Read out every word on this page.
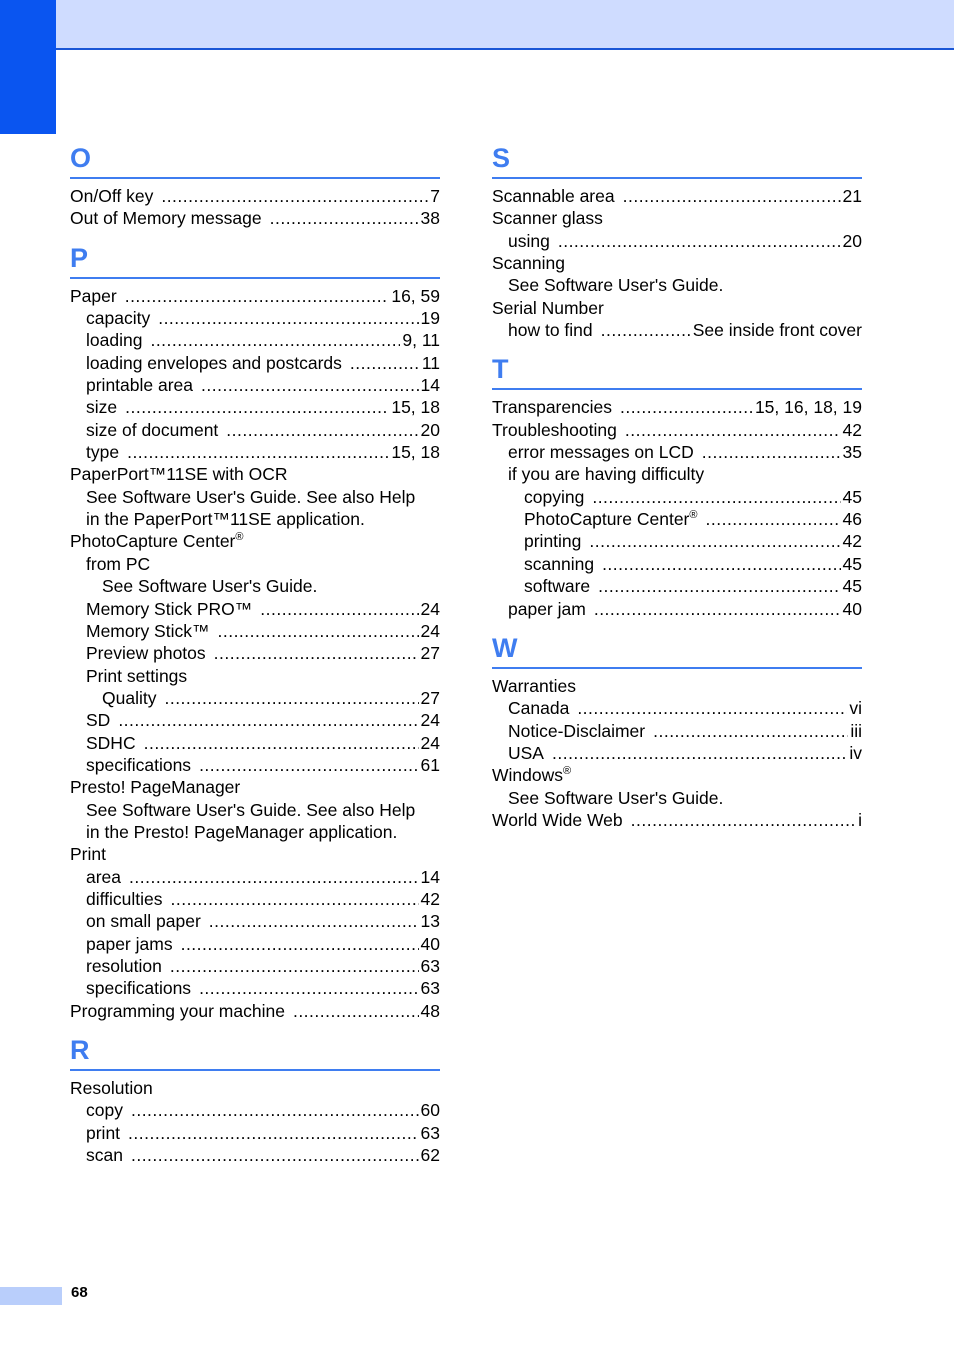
O
On/Off key .....	7
Out of Memory message .....	38
P
Paper .....	16, 59
capacity .....	19
loading .....	9, 11
loading envelopes and postcards .....	11
printable area .....	14
size .....	15, 18
size of document .....	20
type .....	15, 18
PaperPort™11SE with OCR
See Software User's Guide. See also Help
in the PaperPort™11SE application.
PhotoCapture Center®
from PC
See Software User's Guide.
Memory Stick PRO™ .....	24
Memory Stick™ .....	24
Preview photos .....	27
Print settings
Quality .....	27
SD .....	24
SDHC .....	24
specifications .....	61
Presto! PageManager
See Software User's Guide. See also Help
in the Presto! PageManager application.
Print
area .....	14
difficulties .....	42
on small paper .....	13
paper jams .....	40
resolution .....	63
specifications .....	63
Programming your machine .....	48
R
Resolution
copy .....	60
print .....	63
scan .....	62
S
Scannable area .....	21
Scanner glass
using .....	20
Scanning
See Software User's Guide.
Serial Number
how to find .....	See inside front cover
T
Transparencies .....	15, 16, 18, 19
Troubleshooting .....	42
error messages on LCD .....	35
if you are having difficulty
copying .....	45
PhotoCapture Center® .....	46
printing .....	42
scanning .....	45
software .....	45
paper jam .....	40
W
Warranties
Canada .....	vi
Notice-Disclaimer .....	iii
USA .....	iv
Windows®
See Software User's Guide.
World Wide Web .....	i
68
